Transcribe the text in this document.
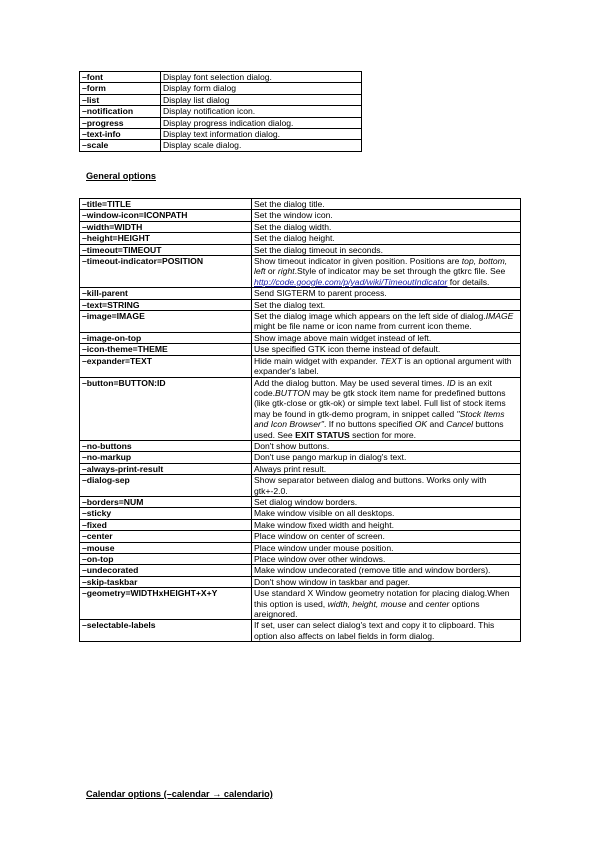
–font	Display font selection dialog.
–form	Display form dialog
–list	Display list dialog
–notification	Display notification icon.
–progress	Display progress indication dialog.
–text-info	Display text information dialog.
–scale	Display scale dialog.
General options
–title=TITLE	Set the dialog title.
–window-icon=ICONPATH	Set the window icon.
–width=WIDTH	Set the dialog width.
–height=HEIGHT	Set the dialog height.
–timeout=TIMEOUT	Set the dialog timeout in seconds.
–timeout-indicator=POSITION	Show timeout indicator in given position. Positions are top, bottom, left or right.Style of indicator may be set through the gtkrc file. See http://code.google.com/p/yad/wiki/TimeoutIndicator for details.
–kill-parent	Send SIGTERM to parent process.
–text=STRING	Set the dialog text.
–image=IMAGE	Set the dialog image which appears on the left side of dialog.IMAGE might be file name or icon name from current icon theme.
–image-on-top	Show image above main widget instead of left.
–icon-theme=THEME	Use specified GTK icon theme instead of default.
–expander=TEXT	Hide main widget with expander. TEXT is an optional argument with expander's label.
–button=BUTTON:ID	Add the dialog button. May be used several times. ID is an exit code.BUTTON may be gtk stock item name for predefined buttons (like gtk-close or gtk-ok) or simple text label. Full list of stock items may be found in gtk-demo program, in snippet called "Stock Items and Icon Browser". If no buttons specified OK and Cancel buttons used. See EXIT STATUS section for more.
–no-buttons	Don't show buttons.
–no-markup	Don't use pango markup in dialog's text.
–always-print-result	Always print result.
–dialog-sep	Show separator between dialog and buttons. Works only with gtk+-2.0.
–borders=NUM	Set dialog window borders.
–sticky	Make window visible on all desktops.
–fixed	Make window fixed width and height.
–center	Place window on center of screen.
–mouse	Place window under mouse position.
–on-top	Place window over other windows.
–undecorated	Make window undecorated (remove title and window borders).
–skip-taskbar	Don't show window in taskbar and pager.
–geometry=WIDTHxHEIGHT+X+Y	Use standard X Window geometry notation for placing dialog.When this option is used, width, height, mouse and center options areignored.
–selectable-labels	If set, user can select dialog's text and copy it to clipboard. This option also affects on label fields in form dialog.
Calendar options (–calendar → calendario)
